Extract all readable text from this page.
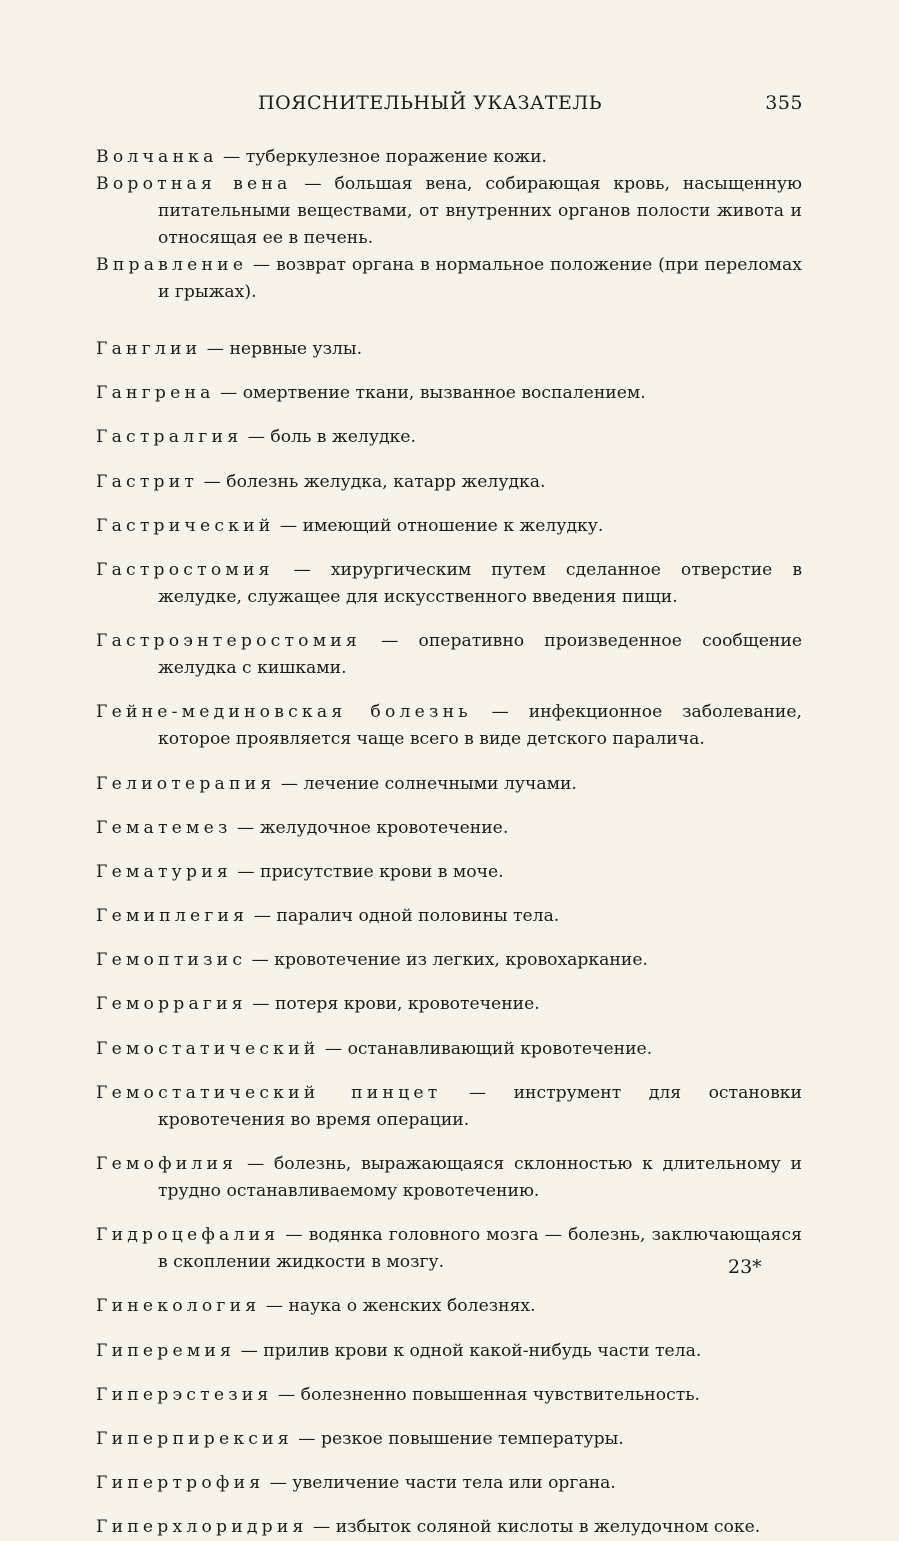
ПОЯСНИТЕЛЬНЫЙ УКАЗАТЕЛЬ	355

Волчанка — туберкулезное поражение кожи.

Воротная вена — большая вена, собирающая кровь, насыщенную питательными веществами, от внутренних органов полости живота и относящая ее в печень.

Вправление — возврат органа в нормальное положение (при переломах и грыжах).

Ганглии — нервные узлы.

Гангрена — омертвение ткани, вызванное воспалением.

Гастралгия — боль в желудке.

Гастрит — болезнь желудка, катарр желудка.

Гастрический — имеющий отношение к желудку.

Гастростомия — хирургическим путем сделанное отверстие в желудке, служащее для искусственного введения пищи.

Гастроэнтеростомия — оперативно произведенное сообщение желудка с кишками.

Гейне-мединовская болезнь — инфекционное заболевание, которое проявляется чаще всего в виде детского паралича.

Гелиотерапия — лечение солнечными лучами.

Гематемез — желудочное кровотечение.

Гематурия — присутствие крови в моче.

Гемиплегия — паралич одной половины тела.

Гемоптизис — кровотечение из легких, кровохаркание.

Геморрагия — потеря крови, кровотечение.

Гемостатический — останавливающий кровотечение.

Гемостатический пинцет — инструмент для остановки кровотечения во время операции.

Гемофилия — болезнь, выражающаяся склонностью к длительному и трудно останавливаемому кровотечению.

Гидроцефалия — водянка головного мозга — болезнь, заключающаяся в скоплении жидкости в мозгу.

Гинекология — наука о женских болезнях.

Гиперемия — прилив крови к одной какой-нибудь части тела.

Гиперэстезия — болезненно повышенная чувствительность.

Гиперпирексия — резкое повышение температуры.

Гипертрофия — увеличение части тела или органа.

Гиперхлоридрия — избыток соляной кислоты в желудочном соке.

23*
